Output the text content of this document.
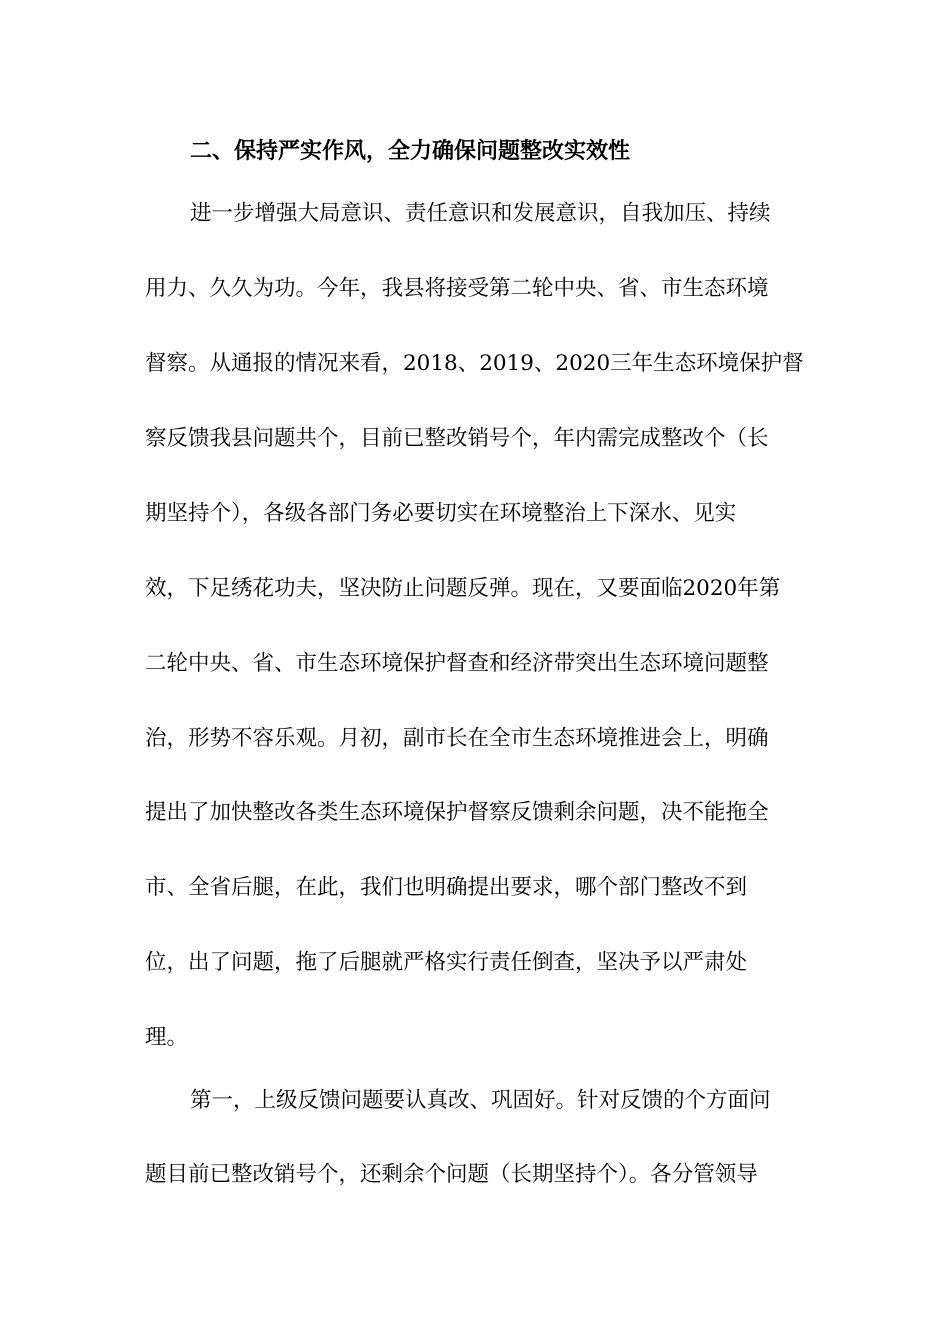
二、保持严实作风，全力确保问题整改实效性
进一步增强大局意识、责任意识和发展意识，自我加压、持续
用力、久久为功。今年，我县将接受第二轮中央、省、市生态环境
督察。从通报的情况来看，2018、2019、2020三年生态环境保护督
察反馈我县问题共个，目前已整改销号个，年内需完成整改个（长
期坚持个），各级各部门务必要切实在环境整治上下深水、见实
效，下足绣花功夫，坚决防止问题反弹。现在，又要面临2020年第
二轮中央、省、市生态环境保护督查和经济带突出生态环境问题整
治，形势不容乐观。月初，副市长在全市生态环境推进会上，明确
提出了加快整改各类生态环境保护督察反馈剩余问题，决不能拖全
市、全省后腿，在此，我们也明确提出要求，哪个部门整改不到
位，出了问题，拖了后腿就严格实行责任倒查，坚决予以严肃处
理。
第一，上级反馈问题要认真改、巩固好。针对反馈的个方面问
题目前已整改销号个，还剩余个问题（长期坚持个）。各分管领导
